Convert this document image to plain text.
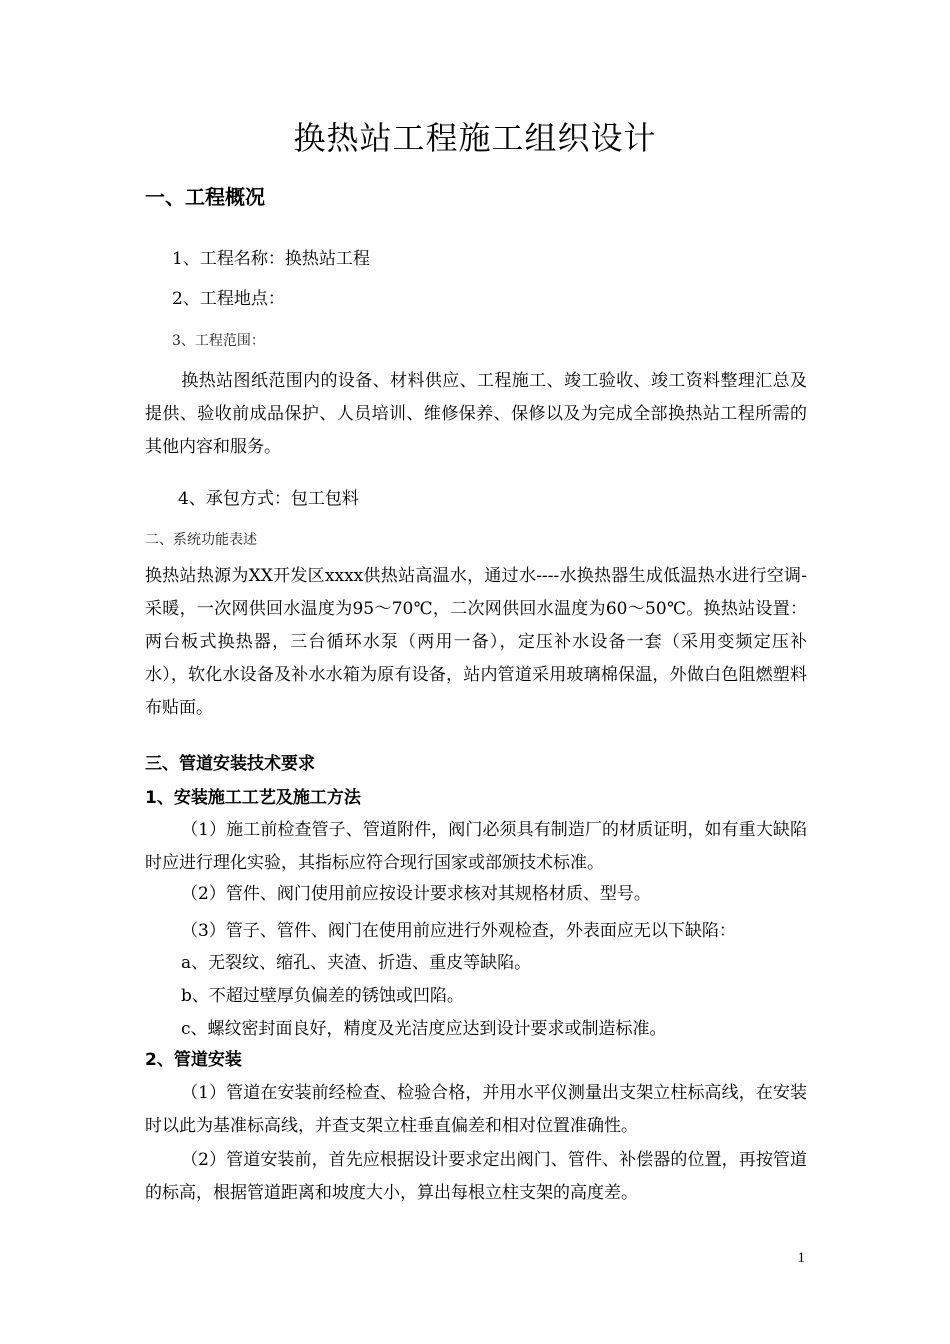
换热站工程施工组织设计
一、工程概况
1、工程名称：换热站工程
2、工程地点：
3、工程范围：
换热站图纸范围内的设备、材料供应、工程施工、竣工验收、竣工资料整理汇总及提供、验收前成品保护、人员培训、维修保养、保修以及为完成全部换热站工程所需的其他内容和服务。
4、承包方式：包工包料
二、系统功能表述
换热站热源为XX开发区xxxx供热站高温水，通过水----水换热器生成低温热水进行空调-采暖，一次网供回水温度为95～70℃，二次网供回水温度为60～50℃。换热站设置：两台板式换热器，三台循环水泵（两用一备），定压补水设备一套（采用变频定压补水），软化水设备及补水水箱为原有设备，站内管道采用玻璃棉保温，外做白色阻燃塑料布贴面。
三、管道安装技术要求
1、安装施工工艺及施工方法
（1）施工前检查管子、管道附件，阀门必须具有制造厂的材质证明，如有重大缺陷时应进行理化实验，其指标应符合现行国家或部颁技术标准。
（2）管件、阀门使用前应按设计要求核对其规格材质、型号。
（3）管子、管件、阀门在使用前应进行外观检查，外表面应无以下缺陷：
a、无裂纹、缩孔、夹渣、折造、重皮等缺陷。
b、不超过壁厚负偏差的锈蚀或凹陷。
c、螺纹密封面良好，精度及光洁度应达到设计要求或制造标准。
2、管道安装
（1）管道在安装前经检查、检验合格，并用水平仪测量出支架立柱标高线，在安装时以此为基准标高线，并查支架立柱垂直偏差和相对位置准确性。
（2）管道安装前，首先应根据设计要求定出阀门、管件、补偿器的位置，再按管道的标高，根据管道距离和坡度大小，算出每根立柱支架的高度差。
1
